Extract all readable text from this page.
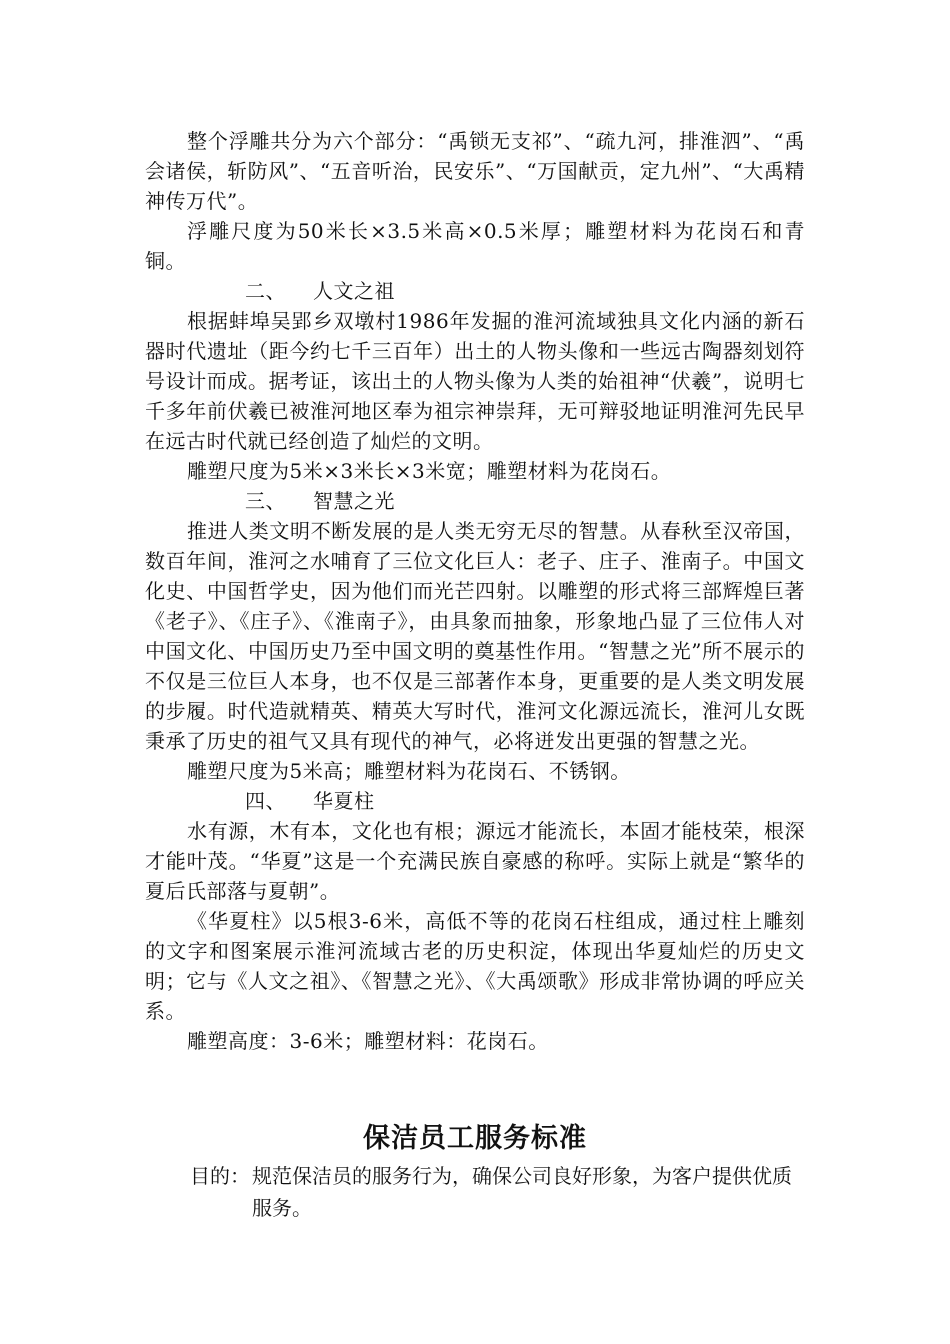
整个浮雕共分为六个部分：“禹锁无支祁”、“疏九河，排淮泗”、“禹会诸侯，斩防风”、“五音听治，民安乐”、“万国献贡，定九州”、“大禹精神传万代”。

浮雕尺度为50米长×3.5米高×0.5米厚；雕塑材料为花岗石和青铜。

二、 人文之祖

根据蚌埠吴郢乡双墩村1986年发掘的淮河流域独具文化内涵的新石器时代遗址（距今约七千三百年）出土的人物头像和一些远古陶器刻划符号设计而成。据考证，该出土的人物头像为人类的始祖神“伏羲”，说明七千多年前伏羲已被淮河地区奉为祖宗神崇拜，无可辩驳地证明淮河先民早在远古时代就已经创造了灿烂的文明。

雕塑尺度为5米×3米长×3米宽；雕塑材料为花岗石。

三、 智慧之光

推进人类文明不断发展的是人类无穷无尽的智慧。从春秋至汉帝国，数百年间，淮河之水哺育了三位文化巨人：老子、庄子、淮南子。中国文化史、中国哲学史，因为他们而光芒四射。以雕塑的形式将三部辉煌巨著《老子》、《庄子》、《淮南子》，由具象而抽象，形象地凸显了三位伟人对中国文化、中国历史乃至中国文明的奠基性作用。“智慧之光”所不展示的不仅是三位巨人本身，也不仅是三部著作本身，更重要的是人类文明发展的步履。时代造就精英、精英大写时代，淮河文化源远流长，淮河儿女既秉承了历史的祖气又具有现代的神气，必将迸发出更强的智慧之光。

雕塑尺度为5米高；雕塑材料为花岗石、不锈钢。

四、 华夏柱

水有源，木有本，文化也有根；源远才能流长，本固才能枝荣，根深才能叶茂。“华夏”这是一个充满民族自豪感的称呼。实际上就是“繁华的夏后氏部落与夏朝”。

《华夏柱》以5根3-6米，高低不等的花岗石柱组成，通过柱上雕刻的文字和图案展示淮河流域古老的历史积淀，体现出华夏灿烂的历史文明；它与《人文之祖》、《智慧之光》、《大禹颂歌》形成非常协调的呼应关系。

雕塑高度：3-6米；雕塑材料：花岗石。

保洁员工服务标准
目的： 规范保洁员的服务行为，确保公司良好形象，为客户提供优质服务。
